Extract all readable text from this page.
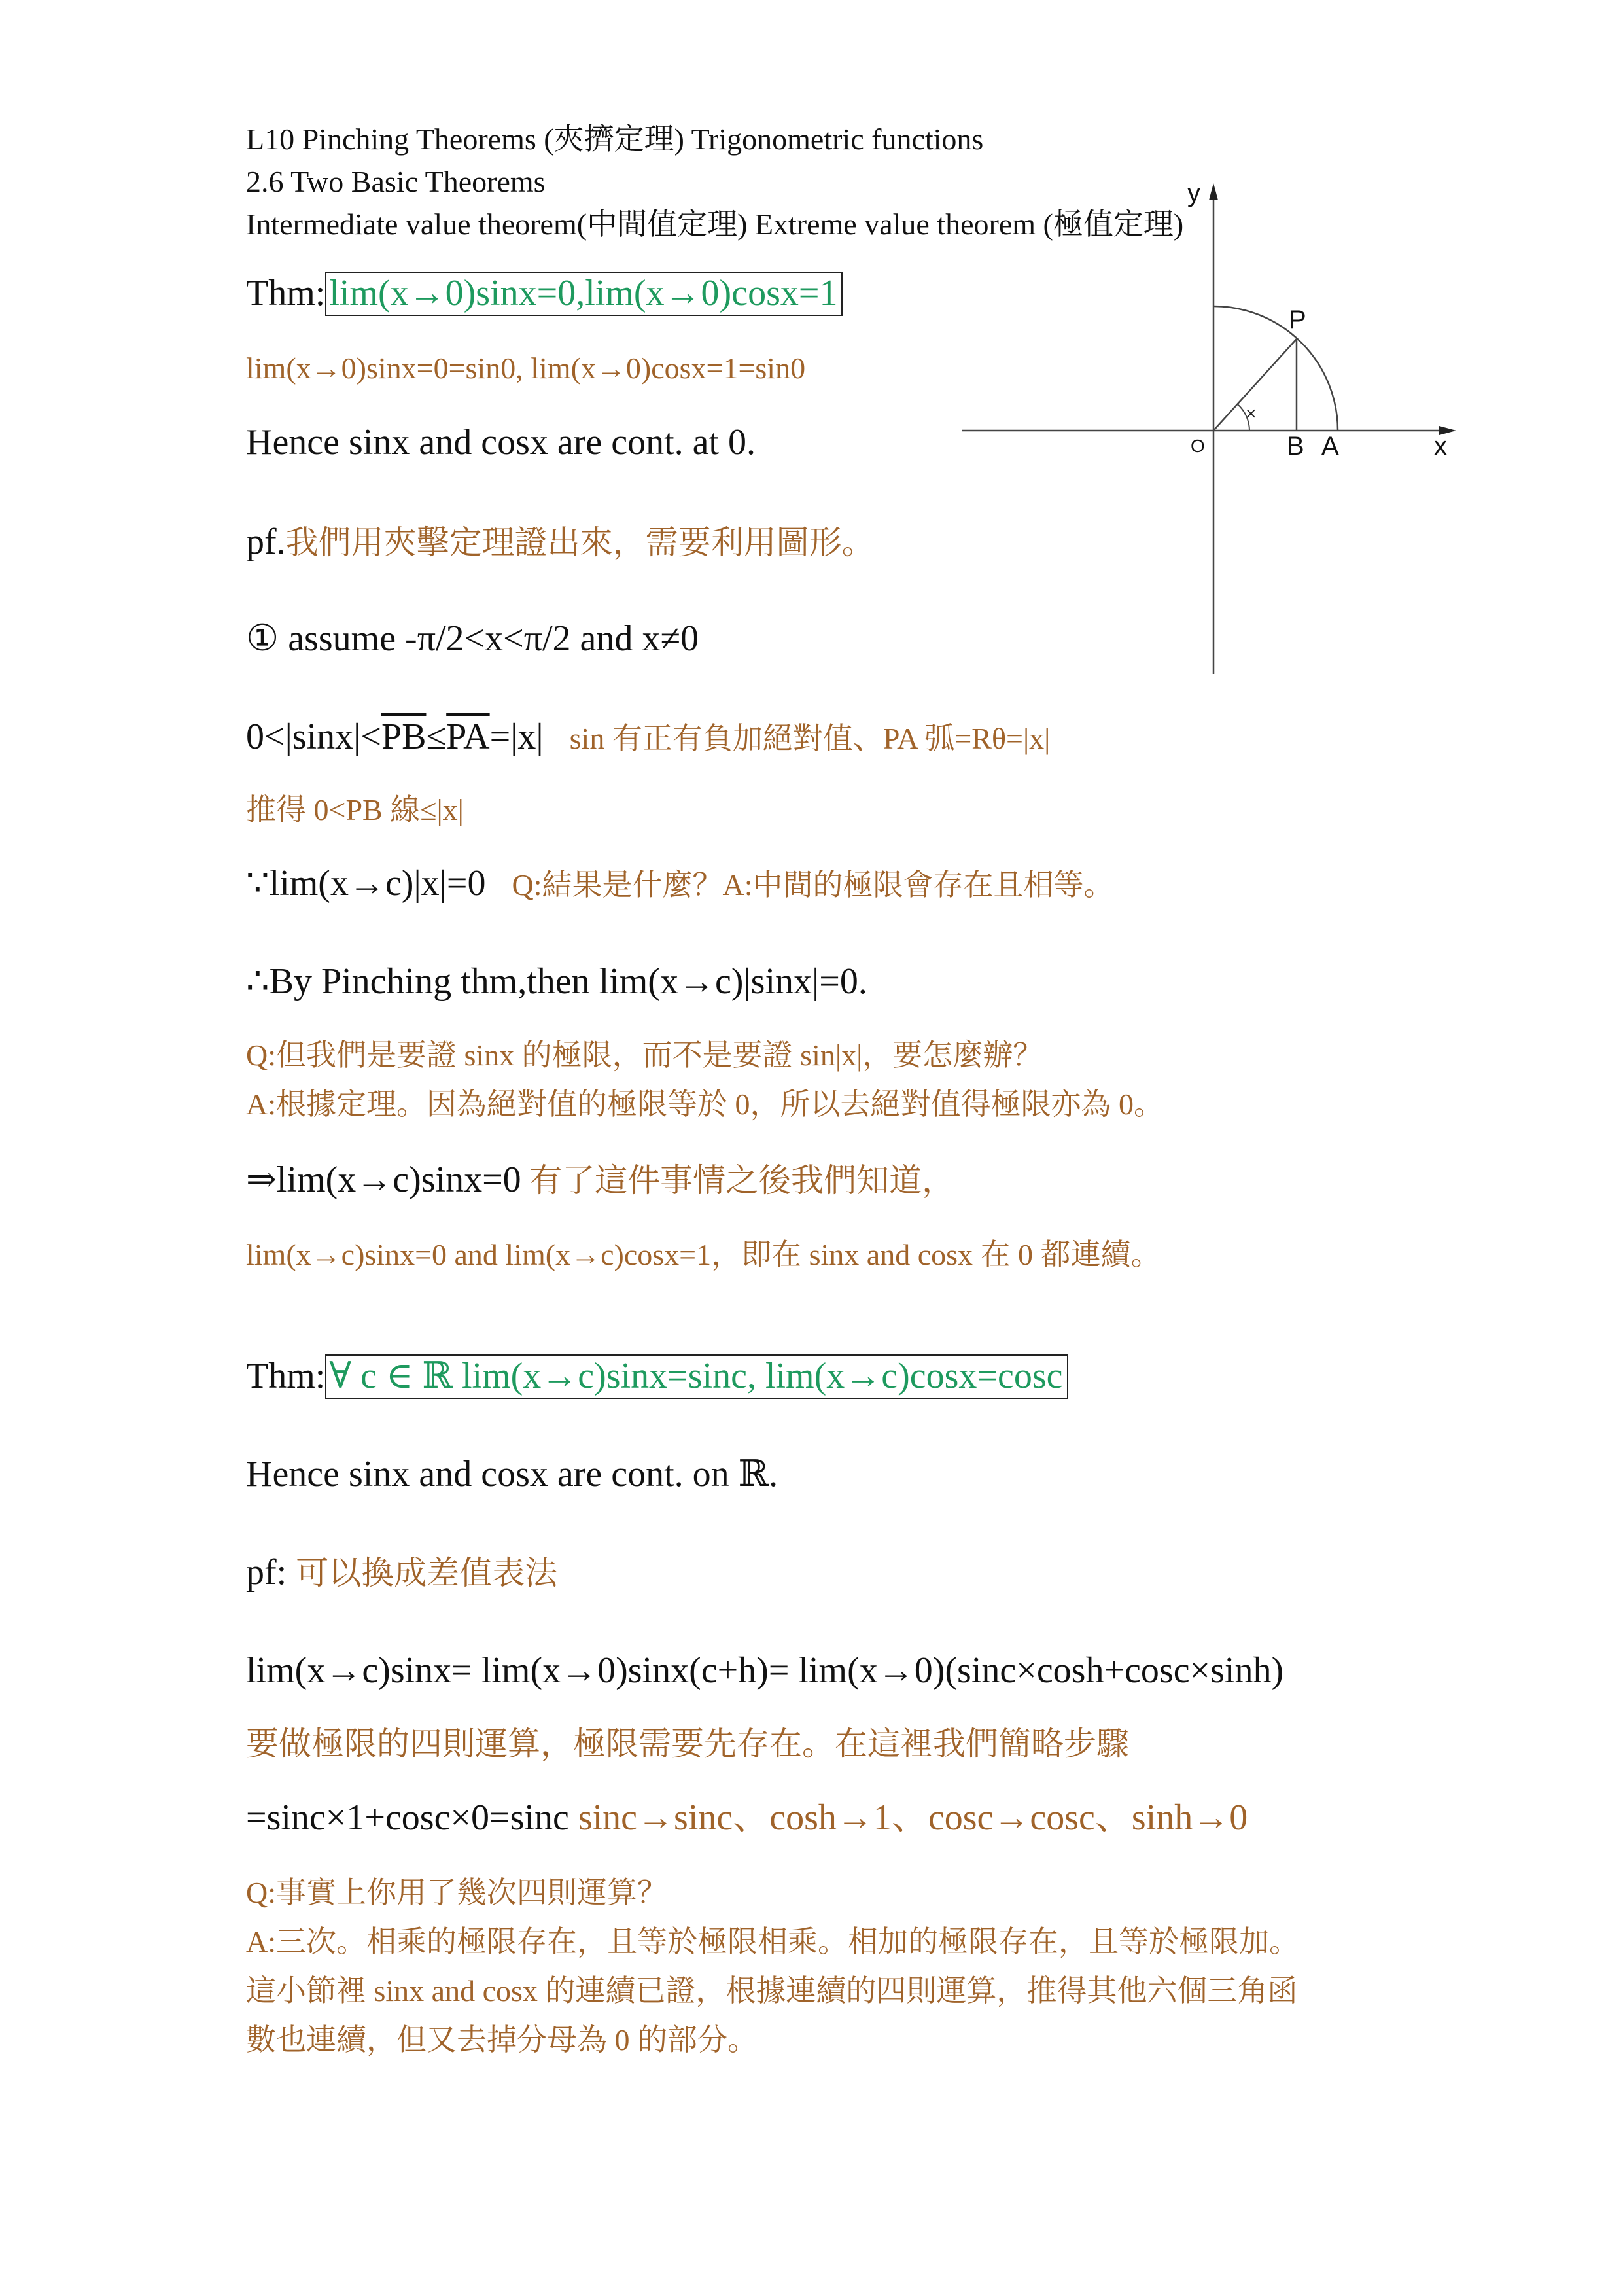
L10 Pinching Theorems (夾擠定理) Trigonometric functions
2.6 Two Basic Theorems
Intermediate value theorem(中間值定理) Extreme value theorem (極值定理)
Thm: lim(x→0)sinx=0,lim(x→0)cosx=1
lim(x→0)sinx=0=sin0, lim(x→0)cosx=1=sin0
Hence sinx and cosx are cont. at 0.
pf.我們用夾擊定理證出來，需要利用圖形。
① assume -π/2<x<π/2 and x≠0
$0<|\sin x|<\overline{PB}\le\overline{PA}=|x|$ sin 有正有負加絕對值、PA 弧=Rθ=|x|
推得 0<PB 線≤|x|
∵lim(x→c)|x|=0 Q:結果是什麼？A:中間的極限會存在且相等。
∴By Pinching thm,then lim(x→c)|sinx|=0.
Q:但我們是要證 sinx 的極限，而不是要證 sin|x|，要怎麼辦？
A:根據定理。因為絕對值的極限等於 0，所以去絕對值得極限亦為 0。
⇒lim(x→c)sinx=0 有了這件事情之後我們知道，
lim(x→c)sinx=0 and lim(x→c)cosx=1，即在 sinx and cosx 在 0 都連續。
Thm: ∀ c ∈ ℝ lim(x→c)sinx=sinc, lim(x→c)cosx=cosc
Hence sinx and cosx are cont. on ℝ.
pf: 可以換成差值表法
lim(x→c)sinx= lim(x→0)sinx(c+h)= lim(x→0)(sinc×cosh+cosc×sinh)
要做極限的四則運算，極限需要先存在。在這裡我們簡略步驟
=sinc×1+cosc×0=sinc sinc→sinc、cosh→1、cosc→cosc、sinh→0
Q:事實上你用了幾次四則運算？
A:三次。相乘的極限存在，且等於極限相乘。相加的極限存在，且等於極限加。
這小節裡 sinx and cosx 的連續已證，根據連續的四則運算，推得其他六個三角函
數也連續，但又去掉分母為 0 的部分。
×
y
x
P
O	B A
